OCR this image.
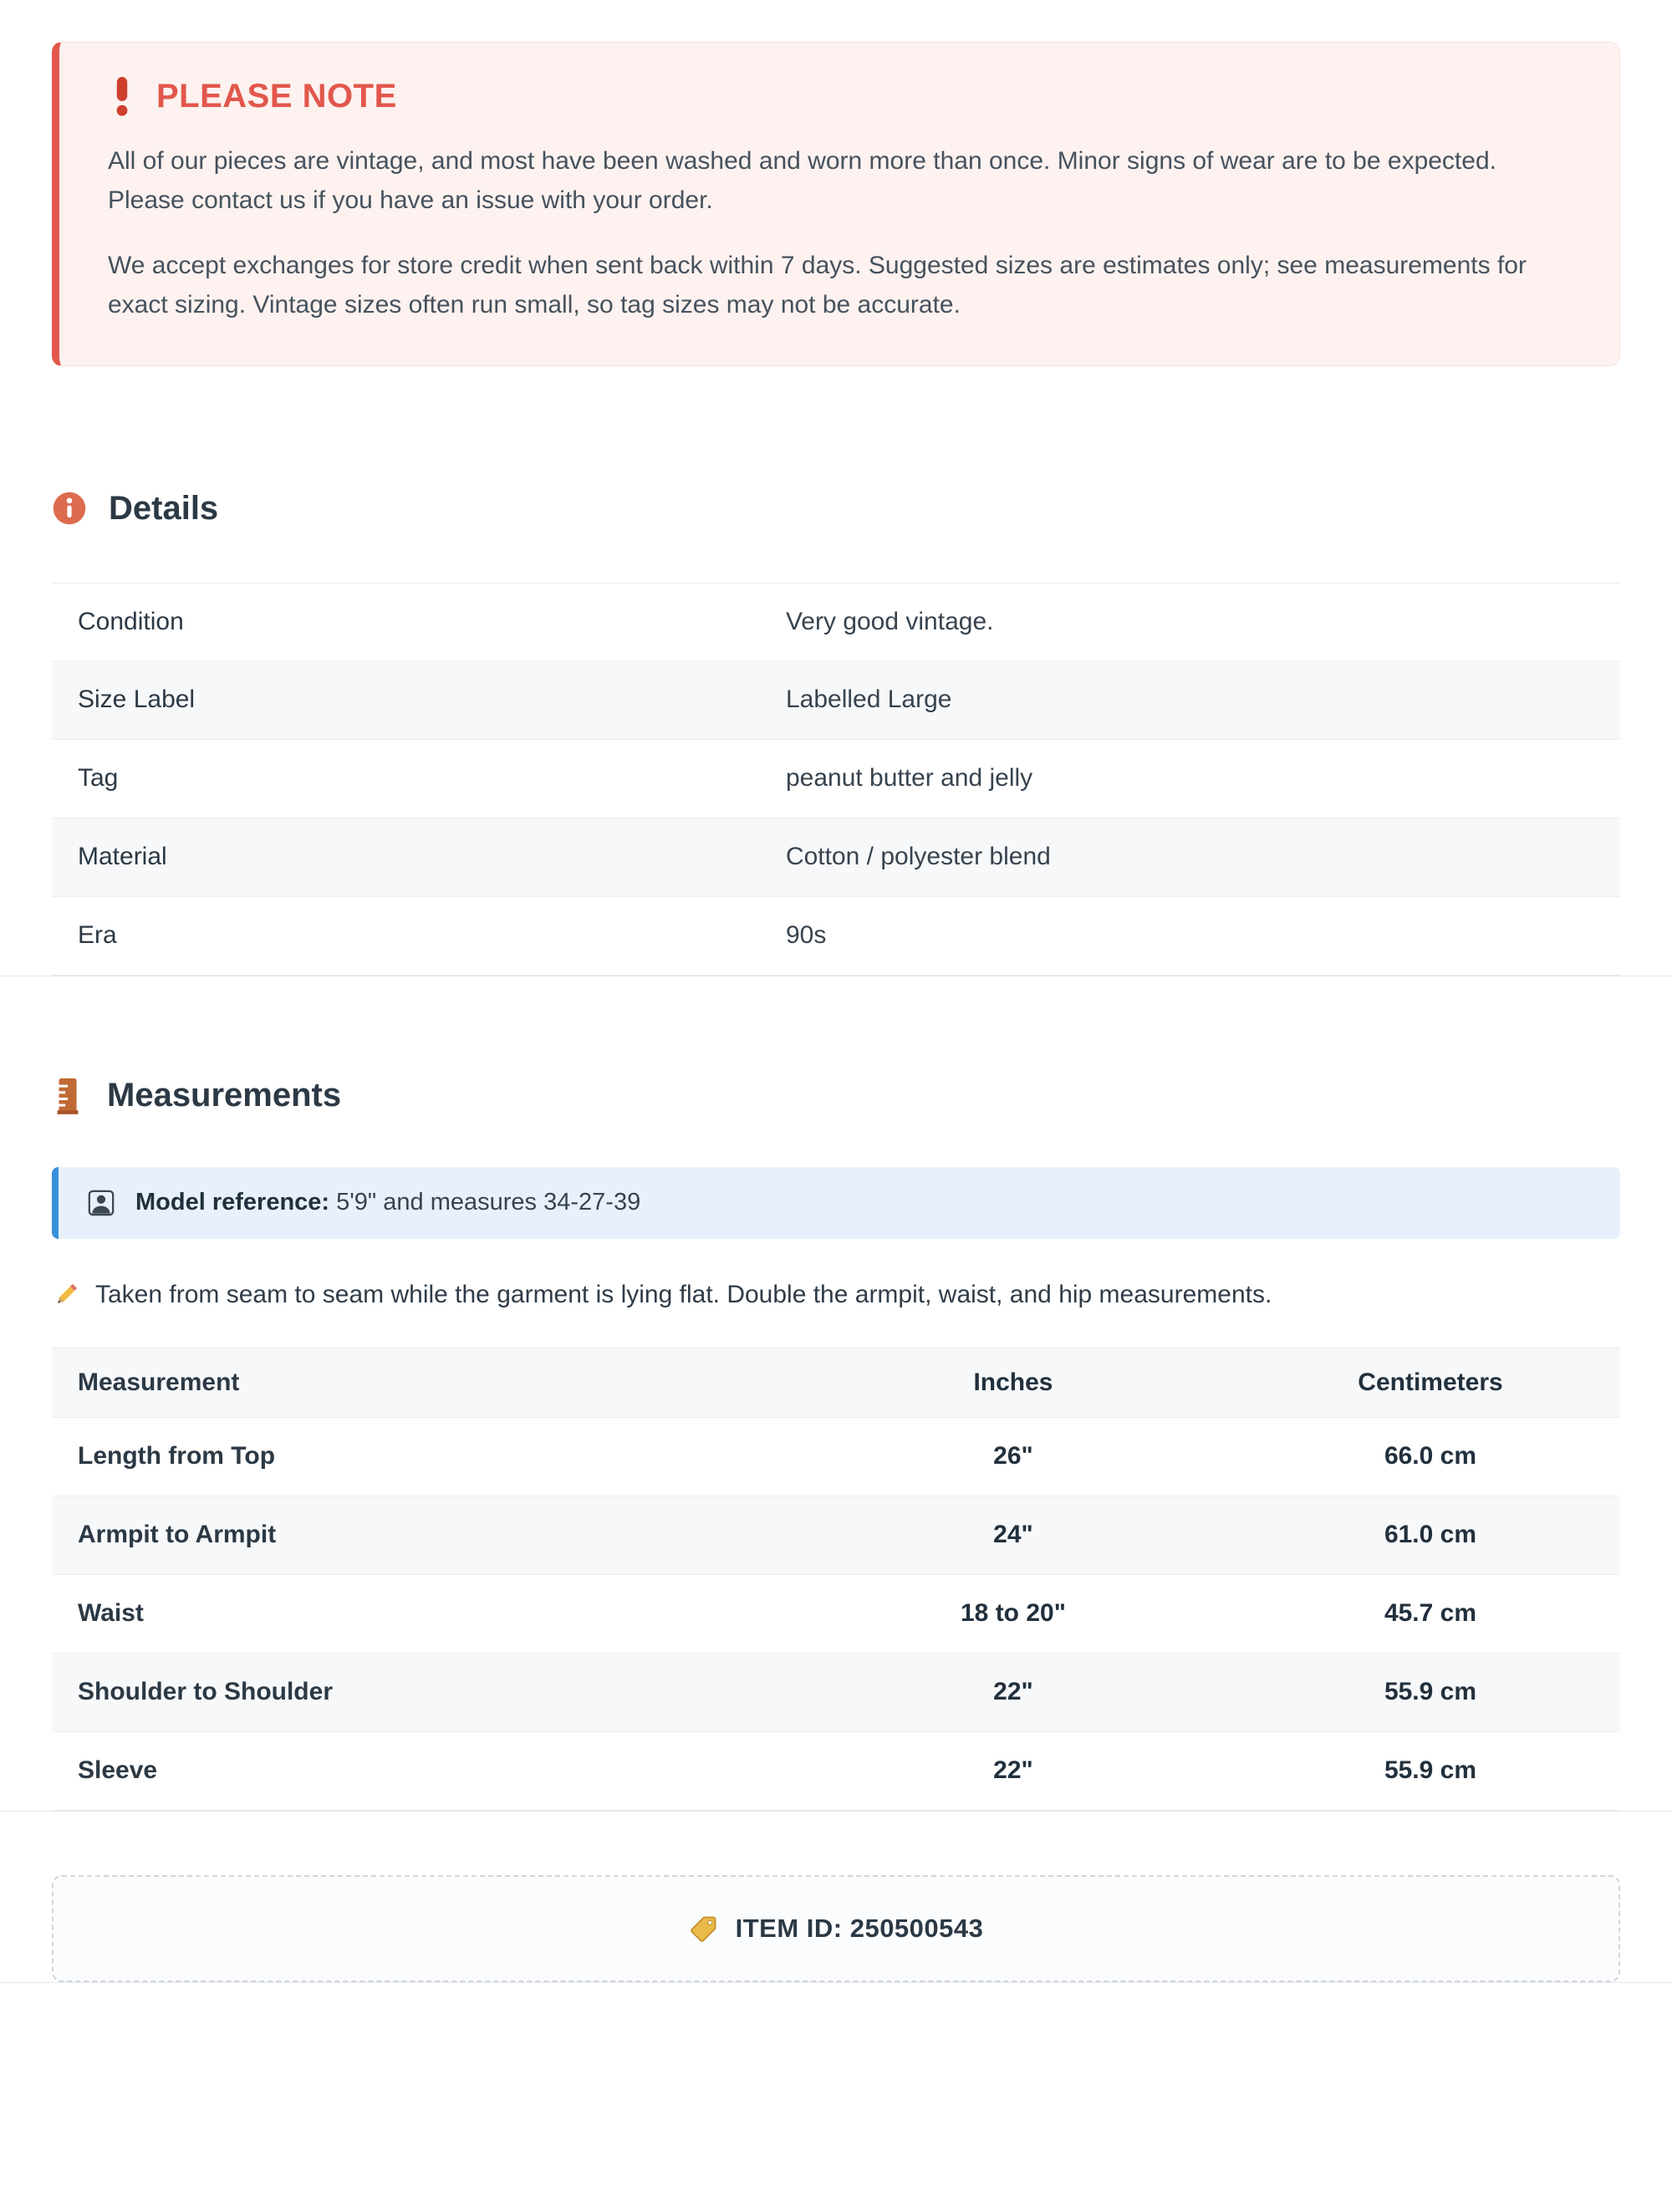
PLEASE NOTE

All of our pieces are vintage, and most have been washed and worn more than once. Minor signs of wear are to be expected. Please contact us if you have an issue with your order.

We accept exchanges for store credit when sent back within 7 days. Suggested sizes are estimates only; see measurements for exact sizing. Vintage sizes often run small, so tag sizes may not be accurate.

Details
Condition	Very good vintage.
Size Label	Labelled Large
Tag	peanut butter and jelly
Material	Cotton / polyester blend
Era	90s
Measurements
Model reference: 5'9" and measures 34-27-39
Taken from seam to seam while the garment is lying flat. Double the armpit, waist, and hip measurements.
Measurement	Inches	Centimeters
Length from Top	26"	66.0 cm
Armpit to Armpit	24"	61.0 cm
Waist	18 to 20"	45.7 cm
Shoulder to Shoulder	22"	55.9 cm
Sleeve	22"	55.9 cm
ITEM ID: 250500543
